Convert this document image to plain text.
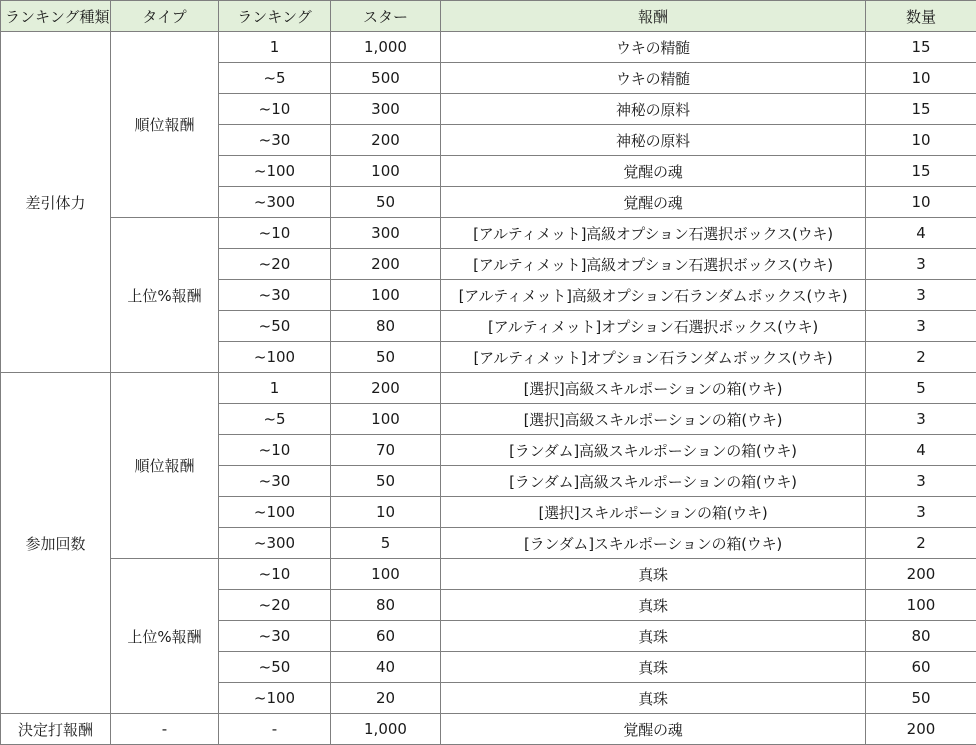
ランキング種類	タイプ	ランキング	スター	報酬	数量
差引体力	順位報酬	1	1,000	ウキの精髄	15
		~5	500	ウキの精髄	10
		~10	300	神秘の原料	15
		~30	200	神秘の原料	10
		~100	100	覚醒の魂	15
		~300	50	覚醒の魂	10
	上位%報酬	~10	300	[アルティメット]高級オプション石選択ボックス(ウキ)	4
		~20	200	[アルティメット]高級オプション石選択ボックス(ウキ)	3
		~30	100	[アルティメット]高級オプション石ランダムボックス(ウキ)	3
		~50	80	[アルティメット]オプション石選択ボックス(ウキ)	3
		~100	50	[アルティメット]オプション石ランダムボックス(ウキ)	2
参加回数	順位報酬	1	200	[選択]高級スキルポーションの箱(ウキ)	5
		~5	100	[選択]高級スキルポーションの箱(ウキ)	3
		~10	70	[ランダム]高級スキルポーションの箱(ウキ)	4
		~30	50	[ランダム]高級スキルポーションの箱(ウキ)	3
		~100	10	[選択]スキルポーションの箱(ウキ)	3
		~300	5	[ランダム]スキルポーションの箱(ウキ)	2
	上位%報酬	~10	100	真珠	200
		~20	80	真珠	100
		~30	60	真珠	80
		~50	40	真珠	60
		~100	20	真珠	50
決定打報酬	-	-	1,000	覚醒の魂	200
